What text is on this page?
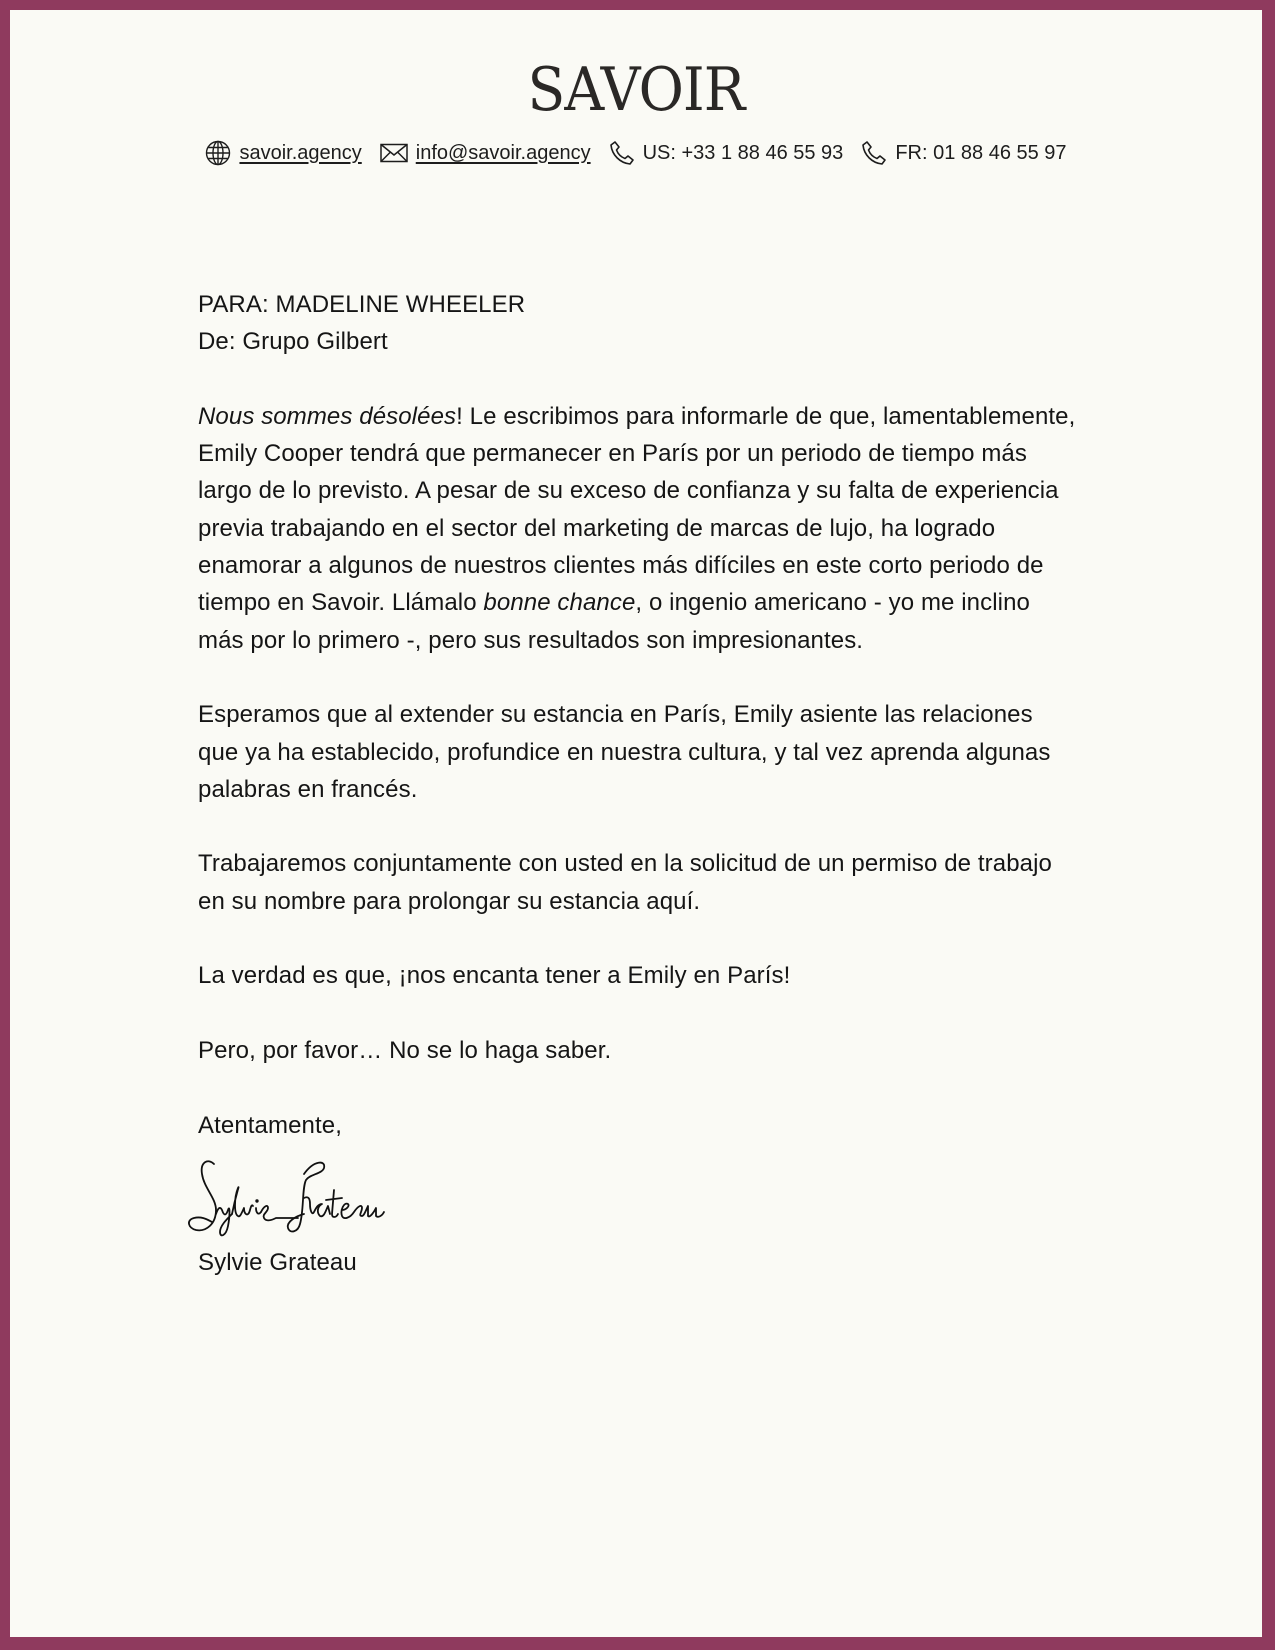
SAVOIR
savoir.agency	info@savoir.agency	US: +33 1 88 46 55 93	FR: 01 88 46 55 97

PARA: MADELINE WHEELER

De: Grupo Gilbert

Nous sommes désolées! Le escribimos para informarle de que, lamentablemente, Emily Cooper tendrá que permanecer en París por un periodo de tiempo más largo de lo previsto. A pesar de su exceso de confianza y su falta de experiencia previa trabajando en el sector del marketing de marcas de lujo, ha logrado enamorar a algunos de nuestros clientes más difíciles en este corto periodo de tiempo en Savoir. Llámalo bonne chance, o ingenio americano - yo me inclino más por lo primero -, pero sus resultados son impresionantes.

Esperamos que al extender su estancia en París, Emily asiente las relaciones que ya ha establecido, profundice en nuestra cultura, y tal vez aprenda algunas palabras en francés.

Trabajaremos conjuntamente con usted en la solicitud de un permiso de trabajo en su nombre para prolongar su estancia aquí.

La verdad es que, ¡nos encanta tener a Emily en París!

Pero, por favor… No se lo haga saber.

Atentamente,

Sylvie Grateau
